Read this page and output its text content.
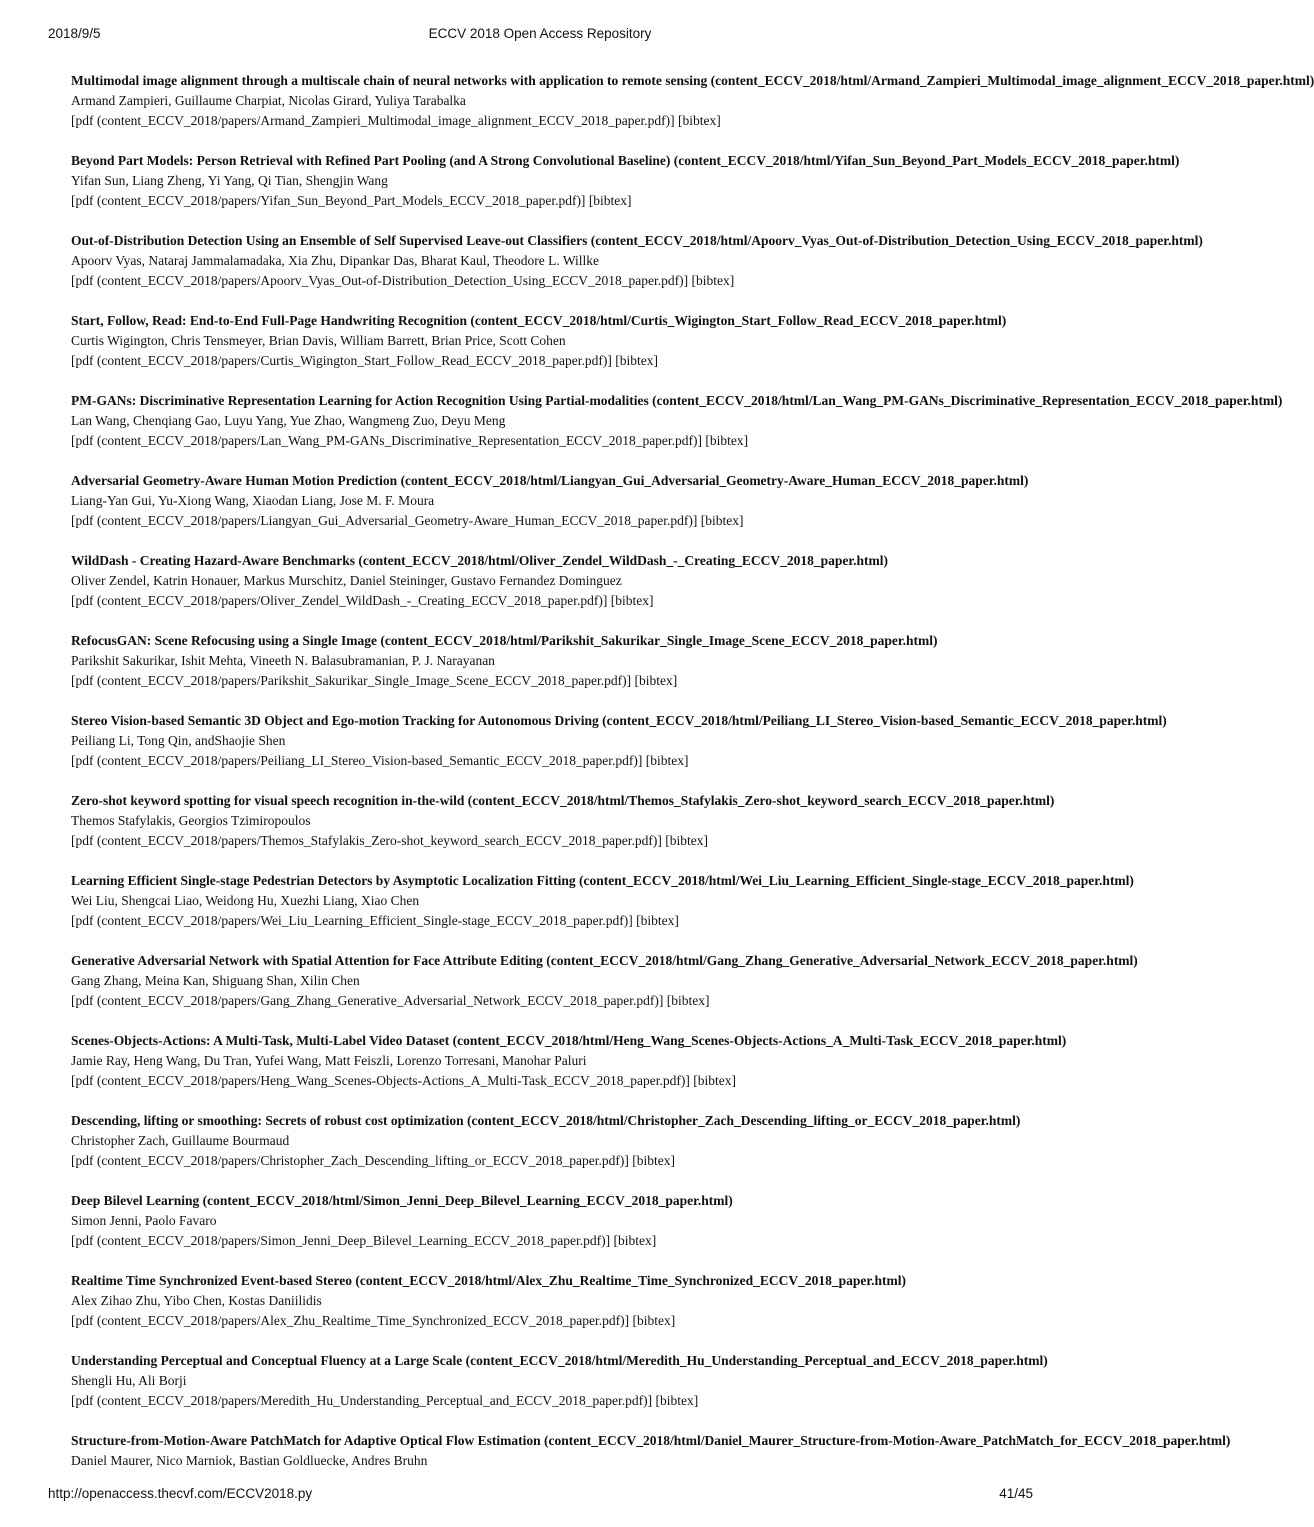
2018/9/5	ECCV 2018 Open Access Repository
Multimodal image alignment through a multiscale chain of neural networks with application to remote sensing (content_ECCV_2018/html/Armand_Zampieri_Multimodal_image_alignment_ECCV_2018_paper.html)
Armand Zampieri, Guillaume Charpiat, Nicolas Girard, Yuliya Tarabalka
[pdf (content_ECCV_2018/papers/Armand_Zampieri_Multimodal_image_alignment_ECCV_2018_paper.pdf)] [bibtex]
Beyond Part Models: Person Retrieval with Refined Part Pooling (and A Strong Convolutional Baseline) (content_ECCV_2018/html/Yifan_Sun_Beyond_Part_Models_ECCV_2018_paper.html)
Yifan Sun, Liang Zheng, Yi Yang, Qi Tian, Shengjin Wang
[pdf (content_ECCV_2018/papers/Yifan_Sun_Beyond_Part_Models_ECCV_2018_paper.pdf)] [bibtex]
Out-of-Distribution Detection Using an Ensemble of Self Supervised Leave-out Classifiers (content_ECCV_2018/html/Apoorv_Vyas_Out-of-Distribution_Detection_Using_ECCV_2018_paper.html)
Apoorv Vyas, Nataraj Jammalamadaka, Xia Zhu, Dipankar Das, Bharat Kaul, Theodore L. Willke
[pdf (content_ECCV_2018/papers/Apoorv_Vyas_Out-of-Distribution_Detection_Using_ECCV_2018_paper.pdf)] [bibtex]
Start, Follow, Read: End-to-End Full-Page Handwriting Recognition (content_ECCV_2018/html/Curtis_Wigington_Start_Follow_Read_ECCV_2018_paper.html)
Curtis Wigington, Chris Tensmeyer, Brian Davis, William Barrett, Brian Price, Scott Cohen
[pdf (content_ECCV_2018/papers/Curtis_Wigington_Start_Follow_Read_ECCV_2018_paper.pdf)] [bibtex]
PM-GANs: Discriminative Representation Learning for Action Recognition Using Partial-modalities (content_ECCV_2018/html/Lan_Wang_PM-GANs_Discriminative_Representation_ECCV_2018_paper.html)
Lan Wang, Chenqiang Gao, Luyu Yang, Yue Zhao, Wangmeng Zuo, Deyu Meng
[pdf (content_ECCV_2018/papers/Lan_Wang_PM-GANs_Discriminative_Representation_ECCV_2018_paper.pdf)] [bibtex]
Adversarial Geometry-Aware Human Motion Prediction (content_ECCV_2018/html/Liangyan_Gui_Adversarial_Geometry-Aware_Human_ECCV_2018_paper.html)
Liang-Yan Gui, Yu-Xiong Wang, Xiaodan Liang, Jose M. F. Moura
[pdf (content_ECCV_2018/papers/Liangyan_Gui_Adversarial_Geometry-Aware_Human_ECCV_2018_paper.pdf)] [bibtex]
WildDash - Creating Hazard-Aware Benchmarks (content_ECCV_2018/html/Oliver_Zendel_WildDash_-_Creating_ECCV_2018_paper.html)
Oliver Zendel, Katrin Honauer, Markus Murschitz, Daniel Steininger, Gustavo Fernandez Dominguez
[pdf (content_ECCV_2018/papers/Oliver_Zendel_WildDash_-_Creating_ECCV_2018_paper.pdf)] [bibtex]
RefocusGAN: Scene Refocusing using a Single Image (content_ECCV_2018/html/Parikshit_Sakurikar_Single_Image_Scene_ECCV_2018_paper.html)
Parikshit Sakurikar, Ishit Mehta, Vineeth N. Balasubramanian, P. J. Narayanan
[pdf (content_ECCV_2018/papers/Parikshit_Sakurikar_Single_Image_Scene_ECCV_2018_paper.pdf)] [bibtex]
Stereo Vision-based Semantic 3D Object and Ego-motion Tracking for Autonomous Driving (content_ECCV_2018/html/Peiliang_LI_Stereo_Vision-based_Semantic_ECCV_2018_paper.html)
Peiliang Li, Tong Qin, andShaojie Shen
[pdf (content_ECCV_2018/papers/Peiliang_LI_Stereo_Vision-based_Semantic_ECCV_2018_paper.pdf)] [bibtex]
Zero-shot keyword spotting for visual speech recognition in-the-wild (content_ECCV_2018/html/Themos_Stafylakis_Zero-shot_keyword_search_ECCV_2018_paper.html)
Themos Stafylakis, Georgios Tzimiropoulos
[pdf (content_ECCV_2018/papers/Themos_Stafylakis_Zero-shot_keyword_search_ECCV_2018_paper.pdf)] [bibtex]
Learning Efficient Single-stage Pedestrian Detectors by Asymptotic Localization Fitting (content_ECCV_2018/html/Wei_Liu_Learning_Efficient_Single-stage_ECCV_2018_paper.html)
Wei Liu, Shengcai Liao, Weidong Hu, Xuezhi Liang, Xiao Chen
[pdf (content_ECCV_2018/papers/Wei_Liu_Learning_Efficient_Single-stage_ECCV_2018_paper.pdf)] [bibtex]
Generative Adversarial Network with Spatial Attention for Face Attribute Editing (content_ECCV_2018/html/Gang_Zhang_Generative_Adversarial_Network_ECCV_2018_paper.html)
Gang Zhang, Meina Kan, Shiguang Shan, Xilin Chen
[pdf (content_ECCV_2018/papers/Gang_Zhang_Generative_Adversarial_Network_ECCV_2018_paper.pdf)] [bibtex]
Scenes-Objects-Actions: A Multi-Task, Multi-Label Video Dataset (content_ECCV_2018/html/Heng_Wang_Scenes-Objects-Actions_A_Multi-Task_ECCV_2018_paper.html)
Jamie Ray, Heng Wang, Du Tran, Yufei Wang, Matt Feiszli, Lorenzo Torresani, Manohar Paluri
[pdf (content_ECCV_2018/papers/Heng_Wang_Scenes-Objects-Actions_A_Multi-Task_ECCV_2018_paper.pdf)] [bibtex]
Descending, lifting or smoothing: Secrets of robust cost optimization (content_ECCV_2018/html/Christopher_Zach_Descending_lifting_or_ECCV_2018_paper.html)
Christopher Zach, Guillaume Bourmaud
[pdf (content_ECCV_2018/papers/Christopher_Zach_Descending_lifting_or_ECCV_2018_paper.pdf)] [bibtex]
Deep Bilevel Learning (content_ECCV_2018/html/Simon_Jenni_Deep_Bilevel_Learning_ECCV_2018_paper.html)
Simon Jenni, Paolo Favaro
[pdf (content_ECCV_2018/papers/Simon_Jenni_Deep_Bilevel_Learning_ECCV_2018_paper.pdf)] [bibtex]
Realtime Time Synchronized Event-based Stereo (content_ECCV_2018/html/Alex_Zhu_Realtime_Time_Synchronized_ECCV_2018_paper.html)
Alex Zihao Zhu, Yibo Chen, Kostas Daniilidis
[pdf (content_ECCV_2018/papers/Alex_Zhu_Realtime_Time_Synchronized_ECCV_2018_paper.pdf)] [bibtex]
Understanding Perceptual and Conceptual Fluency at a Large Scale (content_ECCV_2018/html/Meredith_Hu_Understanding_Perceptual_and_ECCV_2018_paper.html)
Shengli Hu, Ali Borji
[pdf (content_ECCV_2018/papers/Meredith_Hu_Understanding_Perceptual_and_ECCV_2018_paper.pdf)] [bibtex]
Structure-from-Motion-Aware PatchMatch for Adaptive Optical Flow Estimation (content_ECCV_2018/html/Daniel_Maurer_Structure-from-Motion-Aware_PatchMatch_for_ECCV_2018_paper.html)
Daniel Maurer, Nico Marniok, Bastian Goldluecke, Andres Bruhn
http://openaccess.thecvf.com/ECCV2018.py	41/45
